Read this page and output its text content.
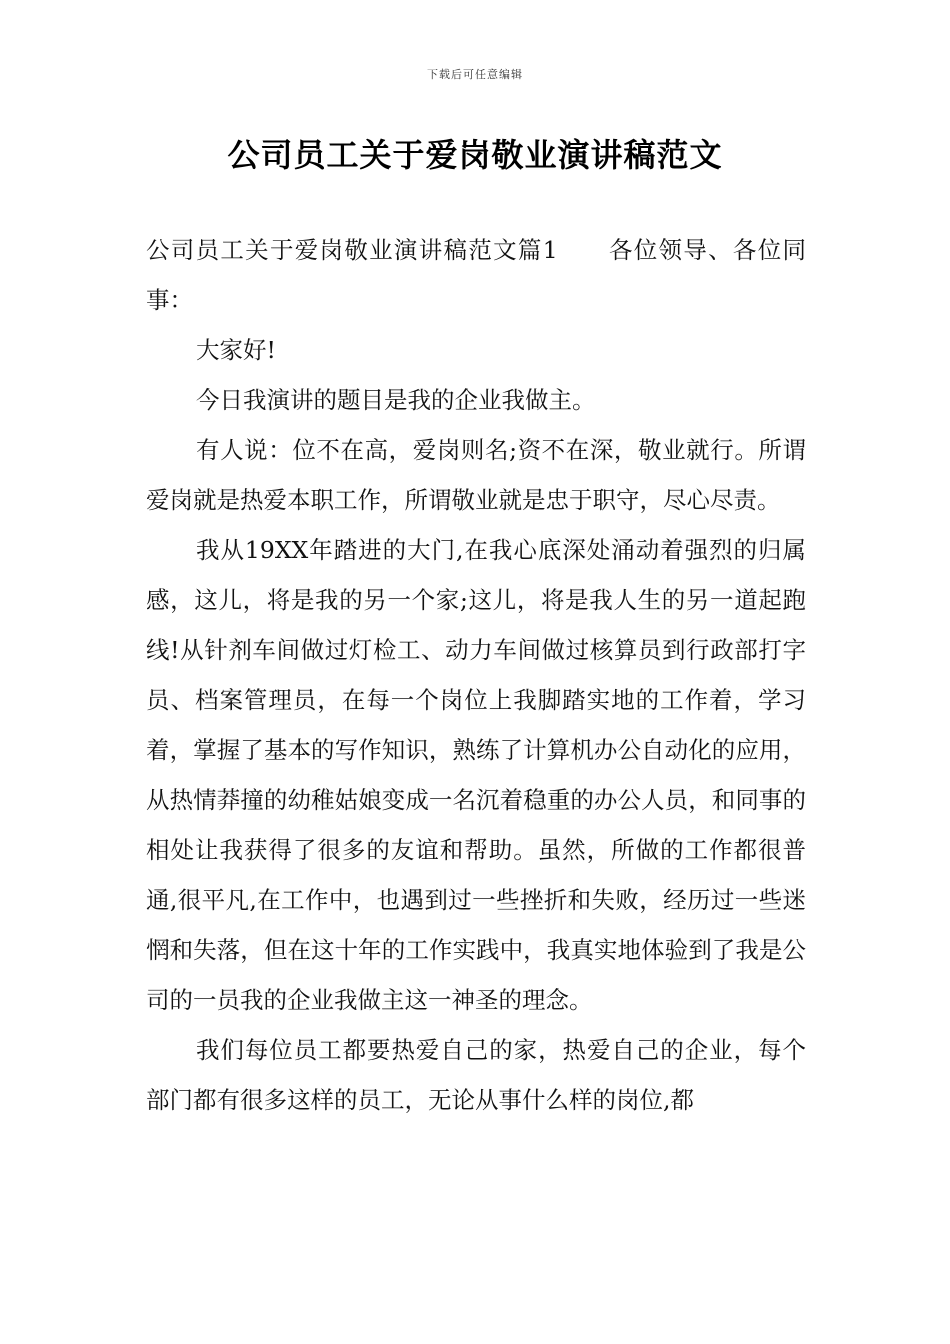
下载后可任意编辑
公司员工关于爱岗敬业演讲稿范文

公司员工关于爱岗敬业演讲稿范文篇1 各位领导、各位同事：

大家好!

今日我演讲的题目是我的企业我做主。

有人说：位不在高，爱岗则名;资不在深，敬业就行。所谓爱岗就是热爱本职工作，所谓敬业就是忠于职守，尽心尽责。

我从19XX年踏进的大门,在我心底深处涌动着强烈的归属感，这儿，将是我的另一个家;这儿，将是我人生的另一道起跑线!从针剂车间做过灯检工、动力车间做过核算员到行政部打字员、档案管理员，在每一个岗位上我脚踏实地的工作着，学习着，掌握了基本的写作知识，熟练了计算机办公自动化的应用，从热情莽撞的幼稚姑娘变成一名沉着稳重的办公人员，和同事的相处让我获得了很多的友谊和帮助。虽然，所做的工作都很普通,很平凡,在工作中，也遇到过一些挫折和失败，经历过一些迷惘和失落，但在这十年的工作实践中，我真实地体验到了我是公司的一员我的企业我做主这一神圣的理念。

我们每位员工都要热爱自己的家，热爱自己的企业，每个部门都有很多这样的员工，无论从事什么样的岗位,都
